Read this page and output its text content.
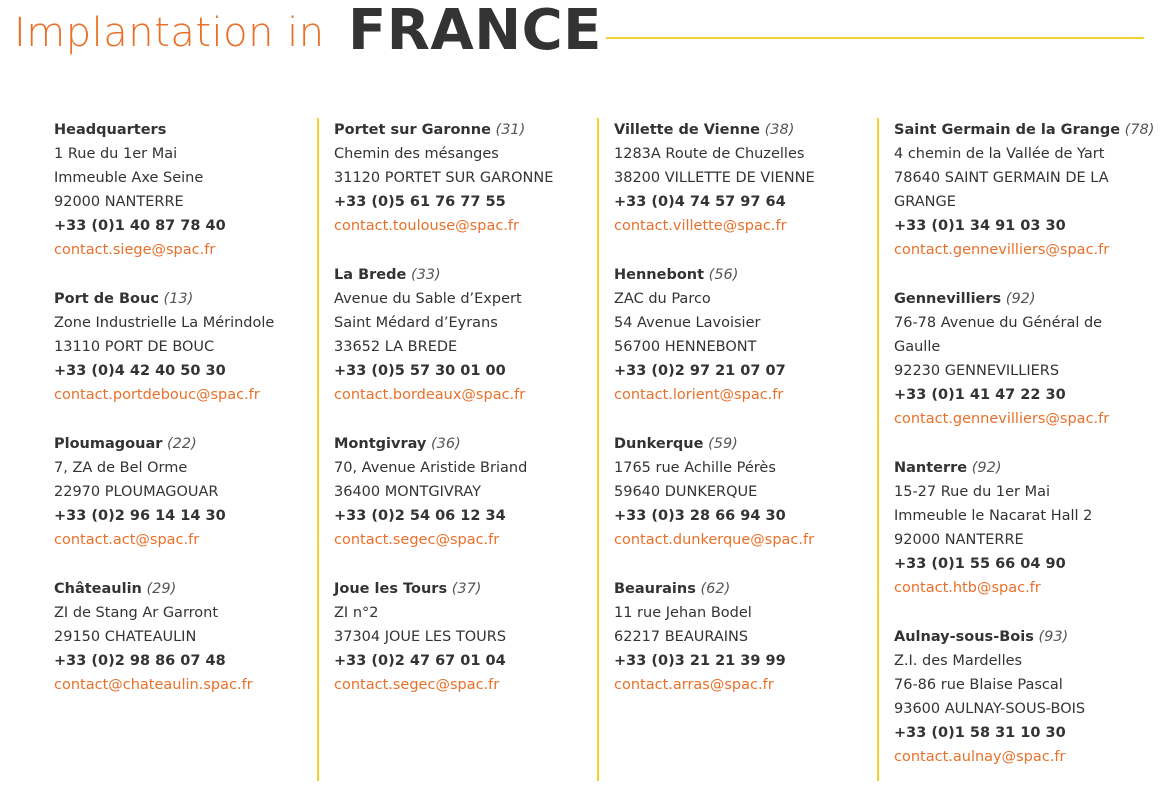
Implantation in FRANCE
Headquarters
1 Rue du 1er Mai
Immeuble Axe Seine
92000 NANTERRE
+33 (0)1 40 87 78 40
contact.siege@spac.fr
Port de Bouc (13)
Zone Industrielle La Mérindole
13110 PORT DE BOUC
+33 (0)4 42 40 50 30
contact.portdebouc@spac.fr
Ploumagouar (22)
7, ZA de Bel Orme
22970 PLOUMAGOUAR
+33 (0)2 96 14 14 30
contact.act@spac.fr
Châteaulin (29)
ZI de Stang Ar Garront
29150 CHATEAULIN
+33 (0)2 98 86 07 48
contact@chateaulin.spac.fr
Portet sur Garonne (31)
Chemin des mésanges
31120 PORTET SUR GARONNE
+33 (0)5 61 76 77 55
contact.toulouse@spac.fr
La Brede (33)
Avenue du Sable d’Expert
Saint Médard d’Eyrans
33652 LA BREDE
+33 (0)5 57 30 01 00
contact.bordeaux@spac.fr
Montgivray (36)
70, Avenue Aristide Briand
36400 MONTGIVRAY
+33 (0)2 54 06 12 34
contact.segec@spac.fr
Joue les Tours (37)
ZI n°2
37304 JOUE LES TOURS
+33 (0)2 47 67 01 04
contact.segec@spac.fr
Villette de Vienne (38)
1283A Route de Chuzelles
38200 VILLETTE DE VIENNE
+33 (0)4 74 57 97 64
contact.villette@spac.fr
Hennebont (56)
ZAC du Parco
54 Avenue Lavoisier
56700 HENNEBONT
+33 (0)2 97 21 07 07
contact.lorient@spac.fr
Dunkerque (59)
1765 rue Achille Pérès
59640 DUNKERQUE
+33 (0)3 28 66 94 30
contact.dunkerque@spac.fr
Beaurains (62)
11 rue Jehan Bodel
62217 BEAURAINS
+33 (0)3 21 21 39 99
contact.arras@spac.fr
Saint Germain de la Grange (78)
4 chemin de la Vallée de Yart
78640 SAINT GERMAIN DE LA
GRANGE
+33 (0)1 34 91 03 30
contact.gennevilliers@spac.fr
Gennevilliers (92)
76-78 Avenue du Général de
Gaulle
92230 GENNEVILLIERS
+33 (0)1 41 47 22 30
contact.gennevilliers@spac.fr
Nanterre (92)
15-27 Rue du 1er Mai
Immeuble le Nacarat Hall 2
92000 NANTERRE
+33 (0)1 55 66 04 90
contact.htb@spac.fr
Aulnay-sous-Bois (93)
Z.I. des Mardelles
76-86 rue Blaise Pascal
93600 AULNAY-SOUS-BOIS
+33 (0)1 58 31 10 30
contact.aulnay@spac.fr
